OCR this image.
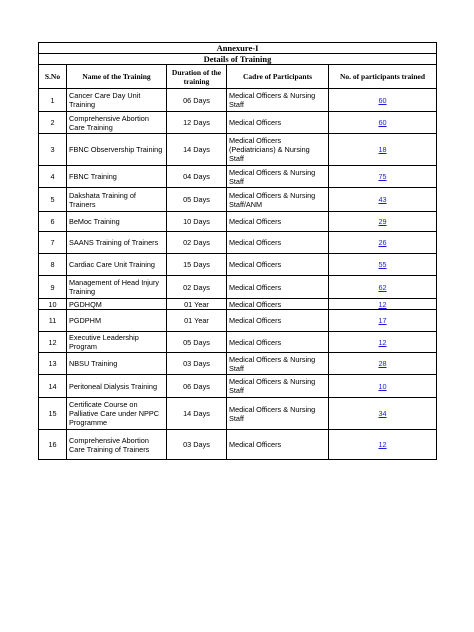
Annexure-I				
Details of Training				
S.No	Name of the Training	Duration of the training	Cadre of Participants	No. of participants trained
1	Cancer Care Day Unit Training	06 Days	Medical Officers & Nursing Staff	60
2	Comprehensive Abortion Care Training	12 Days	Medical Officers	60
3	FBNC Observership Training	14 Days	Medical Officers (Pediatricians) & Nursing Staff	18
4	FBNC Training	04 Days	Medical Officers & Nursing Staff	75
5	Dakshata Training of Trainers	05 Days	Medical Officers & Nursing Staff/ANM	43
6	BeMoc Training	10 Days	Medical Officers	29
7	SAANS Training of Trainers	02 Days	Medical Officers	26
8	Cardiac Care Unit Training	15 Days	Medical Officers	55
9	Management of Head Injury Training	02 Days	Medical Officers	62
10	PGDHQM	01 Year	Medical Officers	12
11	PGDPHM	01 Year	Medical Officers	17
12	Executive Leadership Program	05 Days	Medical Officers	12
13	NBSU Training	03 Days	Medical Officers & Nursing Staff	28
14	Peritoneal Dialysis Training	06 Days	Medical Officers & Nursing Staff	10
15	Certificate Course on Palliative Care under NPPC Programme	14 Days	Medical Officers & Nursing Staff	34
16	Comprehensive Abortion Care Training of Trainers	03 Days	Medical Officers	12
